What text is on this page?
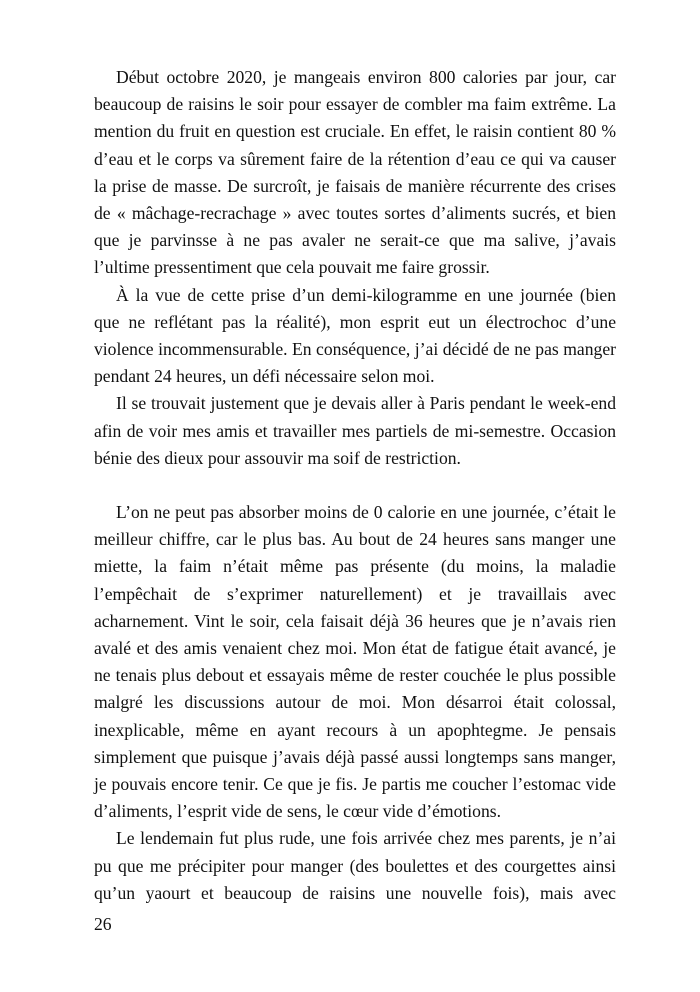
Début octobre 2020, je mangeais environ 800 calories par jour, car beaucoup de raisins le soir pour essayer de combler ma faim extrême. La mention du fruit en question est cruciale. En effet, le raisin contient 80 % d’eau et le corps va sûrement faire de la rétention d’eau ce qui va causer la prise de masse. De surcroît, je faisais de manière récurrente des crises de « mâchage-recrachage » avec toutes sortes d’aliments sucrés, et bien que je parvinsse à ne pas avaler ne serait-ce que ma salive, j’avais l’ultime pressentiment que cela pouvait me faire grossir.

À la vue de cette prise d’un demi-kilogramme en une journée (bien que ne reflétant pas la réalité), mon esprit eut un électrochoc d’une violence incommensurable. En conséquence, j’ai décidé de ne pas manger pendant 24 heures, un défi nécessaire selon moi.

Il se trouvait justement que je devais aller à Paris pendant le week-end afin de voir mes amis et travailler mes partiels de mi-semestre. Occasion bénie des dieux pour assouvir ma soif de restriction.

L’on ne peut pas absorber moins de 0 calorie en une journée, c’était le meilleur chiffre, car le plus bas. Au bout de 24 heures sans manger une miette, la faim n’était même pas présente (du moins, la maladie l’empêchait de s’exprimer naturellement) et je travaillais avec acharnement. Vint le soir, cela faisait déjà 36 heures que je n’avais rien avalé et des amis venaient chez moi. Mon état de fatigue était avancé, je ne tenais plus debout et essayais même de rester couchée le plus possible malgré les discussions autour de moi. Mon désarroi était colossal, inexplicable, même en ayant recours à un apophtegme. Je pensais simplement que puisque j’avais déjà passé aussi longtemps sans manger, je pouvais encore tenir. Ce que je fis. Je partis me coucher l’estomac vide d’aliments, l’esprit vide de sens, le cœur vide d’émotions.

Le lendemain fut plus rude, une fois arrivée chez mes parents, je n’ai pu que me précipiter pour manger (des boulettes et des courgettes ainsi qu’un yaourt et beaucoup de raisins une nouvelle fois), mais avec

26
